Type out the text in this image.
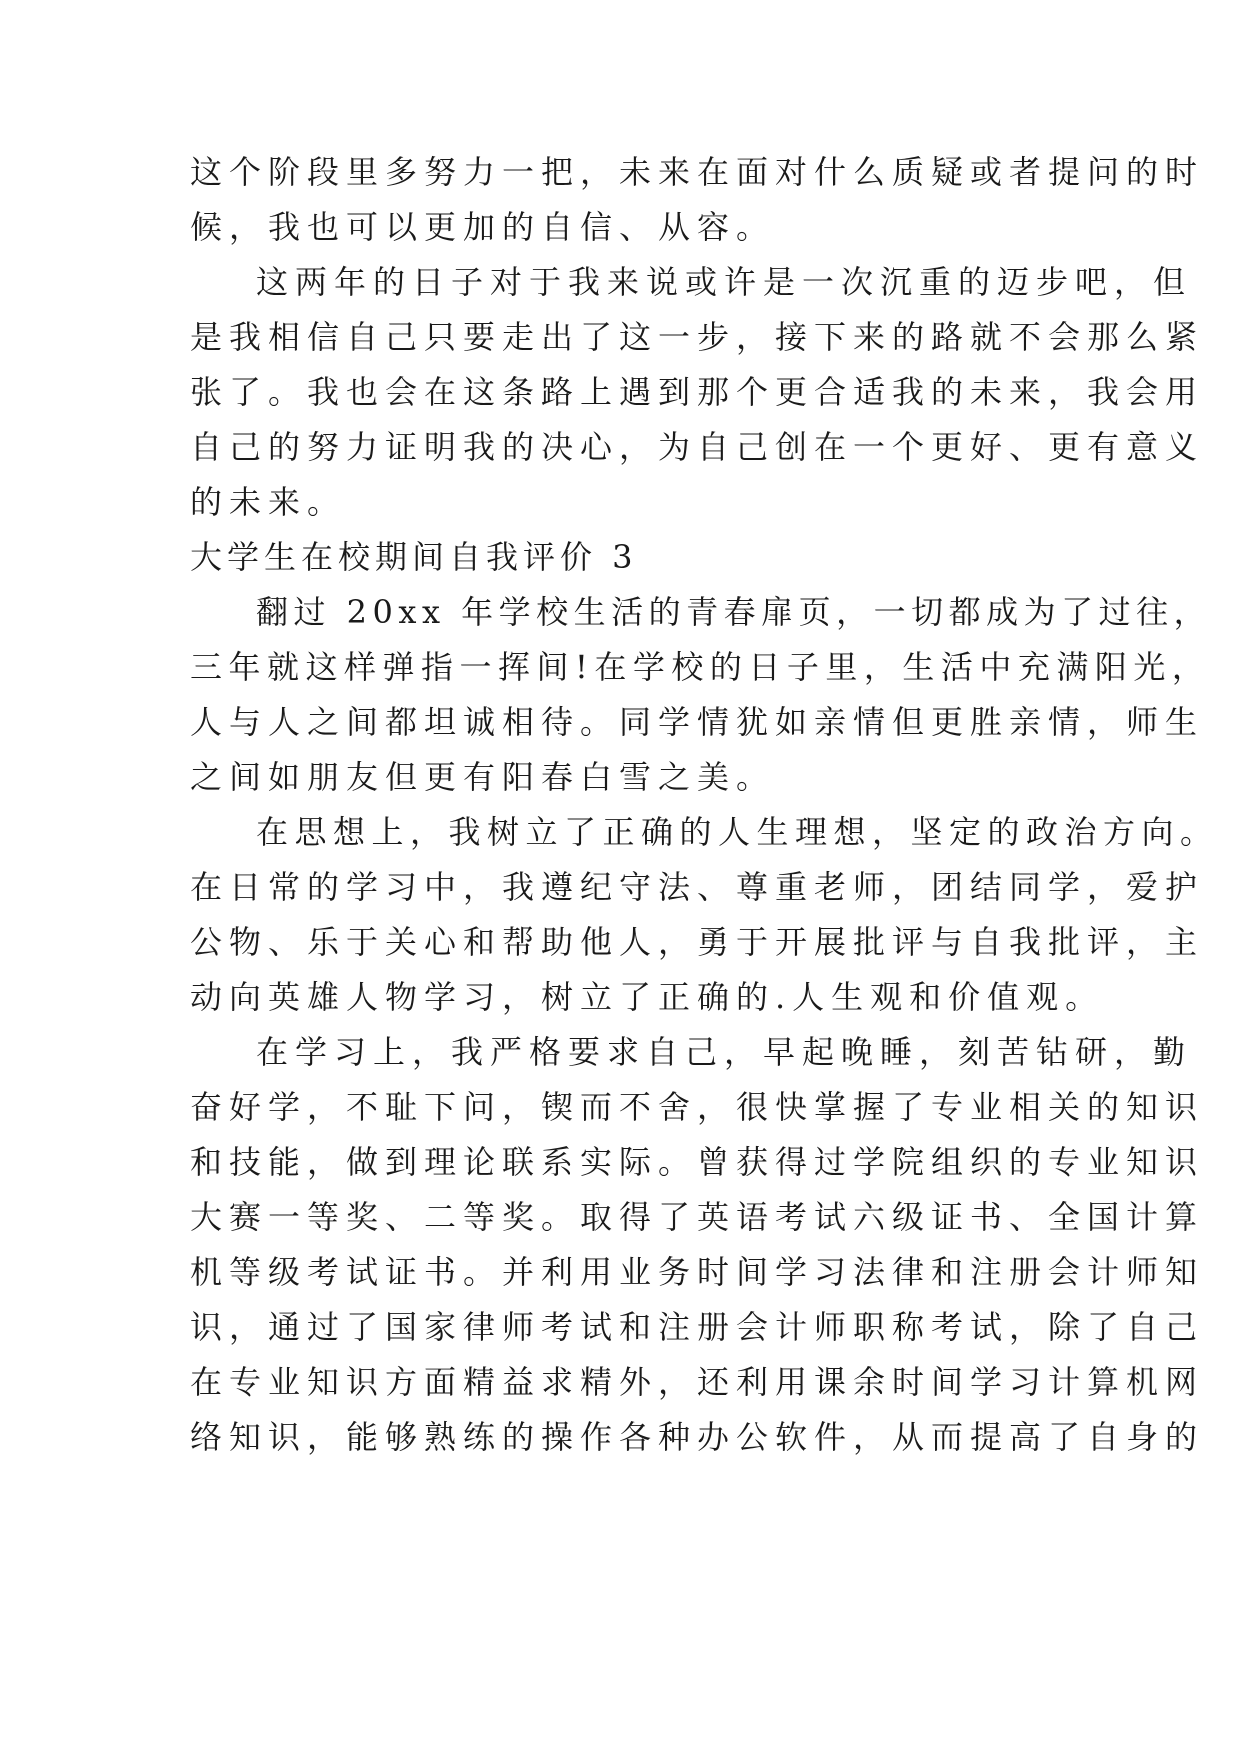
这个阶段里多努力一把，未来在面对什么质疑或者提问的时
候，我也可以更加的自信、从容。
这两年的日子对于我来说或许是一次沉重的迈步吧，但
是我相信自己只要走出了这一步，接下来的路就不会那么紧
张了。我也会在这条路上遇到那个更合适我的未来，我会用
自己的努力证明我的决心，为自己创在一个更好、更有意义
的未来。
大学生在校期间自我评价 3
翻过 20xx 年学校生活的青春扉页，一切都成为了过往，
三年就这样弹指一挥间!在学校的日子里，生活中充满阳光，
人与人之间都坦诚相待。同学情犹如亲情但更胜亲情，师生
之间如朋友但更有阳春白雪之美。
在思想上，我树立了正确的人生理想，坚定的政治方向。
在日常的学习中，我遵纪守法、尊重老师，团结同学，爱护
公物、乐于关心和帮助他人，勇于开展批评与自我批评，主
动向英雄人物学习，树立了正确的.人生观和价值观。
在学习上，我严格要求自己，早起晚睡，刻苦钻研，勤
奋好学，不耻下问，锲而不舍，很快掌握了专业相关的知识
和技能，做到理论联系实际。曾获得过学院组织的专业知识
大赛一等奖、二等奖。取得了英语考试六级证书、全国计算
机等级考试证书。并利用业务时间学习法律和注册会计师知
识，通过了国家律师考试和注册会计师职称考试，除了自己
在专业知识方面精益求精外，还利用课余时间学习计算机网
络知识，能够熟练的操作各种办公软件，从而提高了自身的
